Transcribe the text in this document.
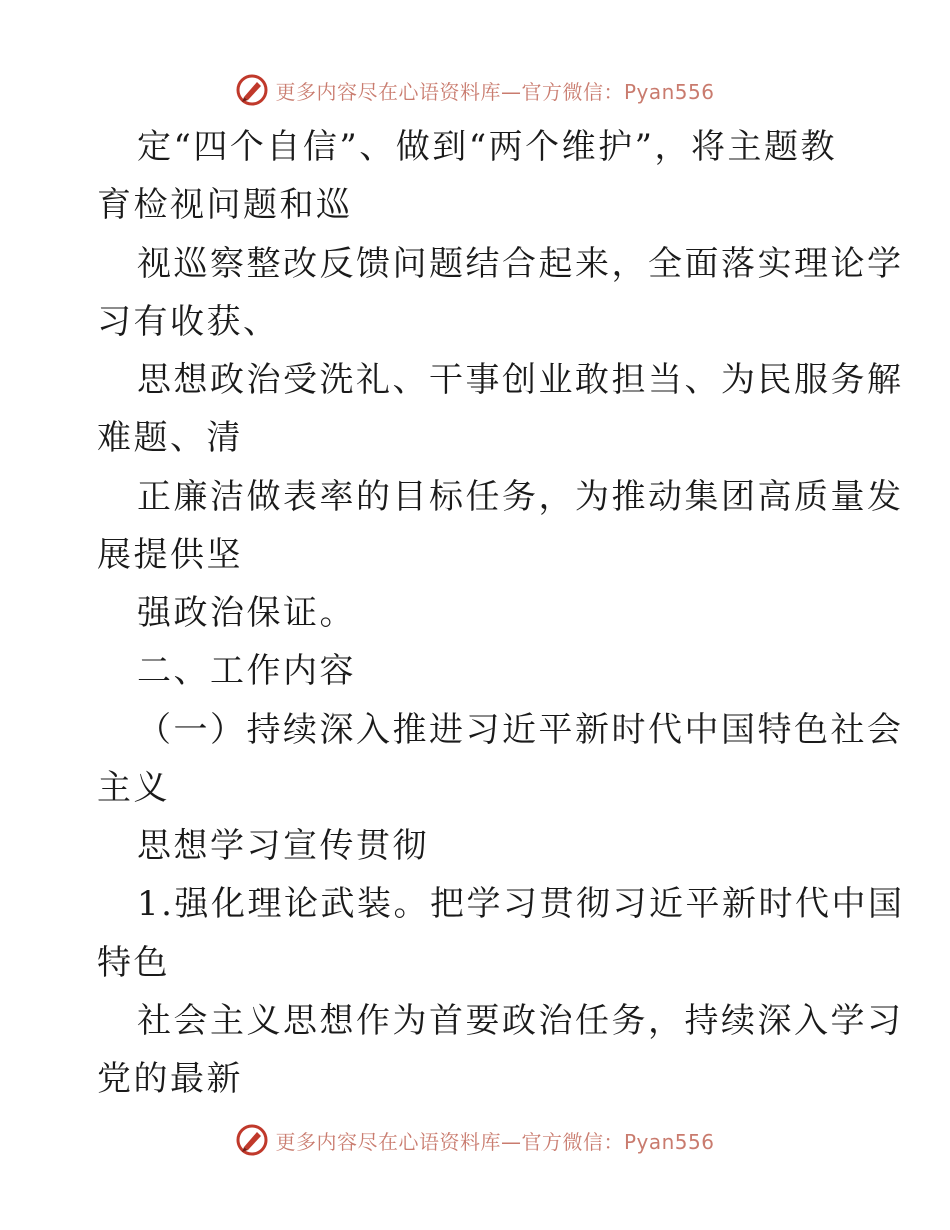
更多内容尽在心语资料库—官方微信：Pyan556
定“四个自信”、做到“两个维护”，将主题教
育检视问题和巡
视巡察整改反馈问题结合起来，全面落实理论学
习有收获、
思想政治受洗礼、干事创业敢担当、为民服务解
难题、清
正廉洁做表率的目标任务，为推动集团高质量发
展提供坚
强政治保证。
二、工作内容
（一）持续深入推进习近平新时代中国特色社会
主义
思想学习宣传贯彻
1.强化理论武装。把学习贯彻习近平新时代中国
特色
社会主义思想作为首要政治任务，持续深入学习
党的最新
更多内容尽在心语资料库—官方微信：Pyan556
